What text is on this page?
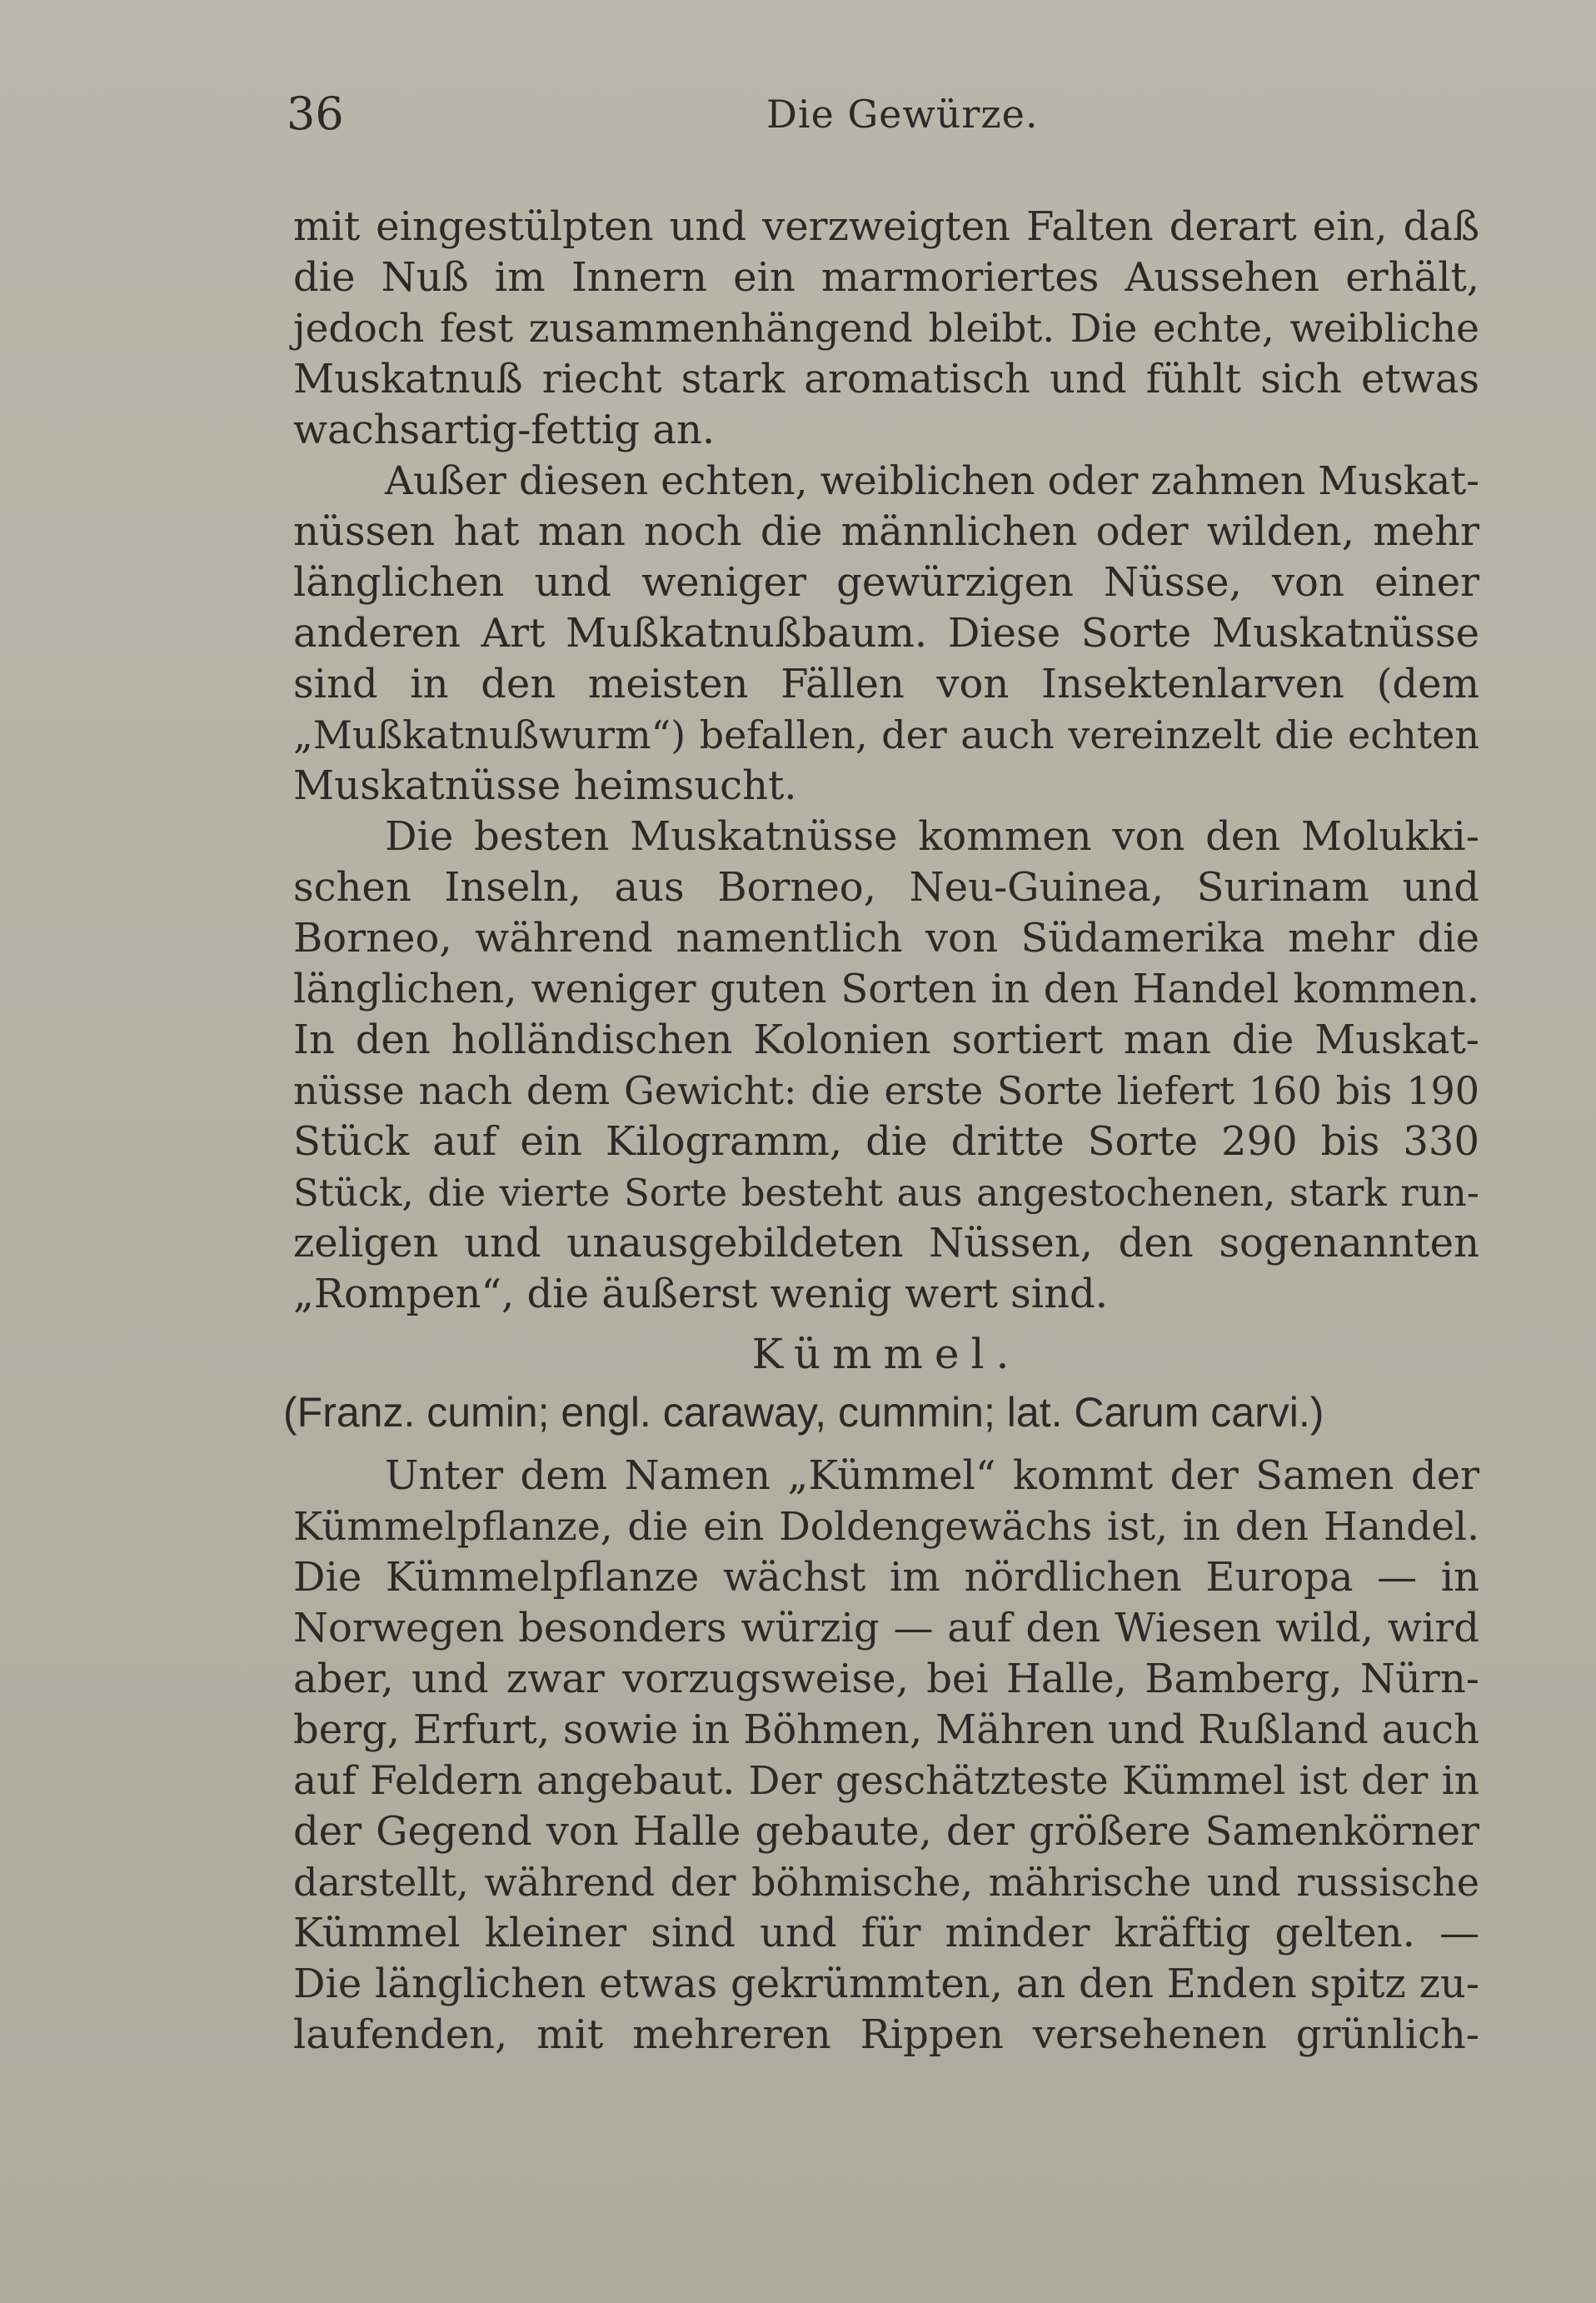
36	Die Gewürze.
mit eingestülpten und verzweigten Falten derart ein, daß
die Nuß im Innern ein marmoriertes Aussehen erhält,
jedoch fest zusammenhängend bleibt. Die echte, weibliche
Muskatnuß riecht stark aromatisch und fühlt sich etwas
wachsartig-fettig an.
Außer diesen echten, weiblichen oder zahmen Muskat-
nüssen hat man noch die männlichen oder wilden, mehr
länglichen und weniger gewürzigen Nüsse, von einer
anderen Art Mußkatnußbaum. Diese Sorte Muskatnüsse
sind in den meisten Fällen von Insektenlarven (dem
„Mußkatnußwurm“) befallen, der auch vereinzelt die echten
Muskatnüsse heimsucht.
Die besten Muskatnüsse kommen von den Molukki-
schen Inseln, aus Borneo, Neu-Guinea, Surinam und
Borneo, während namentlich von Südamerika mehr die
länglichen, weniger guten Sorten in den Handel kommen.
In den holländischen Kolonien sortiert man die Muskat-
nüsse nach dem Gewicht: die erste Sorte liefert 160 bis 190
Stück auf ein Kilogramm, die dritte Sorte 290 bis 330
Stück, die vierte Sorte besteht aus angestochenen, stark run-
zeligen und unausgebildeten Nüssen, den sogenannten
„Rompen“, die äußerst wenig wert sind.
Kümmel.
(Franz. cumin; engl. caraway, cummin; lat. Carum carvi.)
Unter dem Namen „Kümmel“ kommt der Samen der
Kümmelpflanze, die ein Doldengewächs ist, in den Handel.
Die Kümmelpflanze wächst im nördlichen Europa — in
Norwegen besonders würzig — auf den Wiesen wild, wird
aber, und zwar vorzugsweise, bei Halle, Bamberg, Nürn-
berg, Erfurt, sowie in Böhmen, Mähren und Rußland auch
auf Feldern angebaut. Der geschätzteste Kümmel ist der in
der Gegend von Halle gebaute, der größere Samenkörner
darstellt, während der böhmische, mährische und russische
Kümmel kleiner sind und für minder kräftig gelten. —
Die länglichen etwas gekrümmten, an den Enden spitz zu-
laufenden, mit mehreren Rippen versehenen grünlich-
